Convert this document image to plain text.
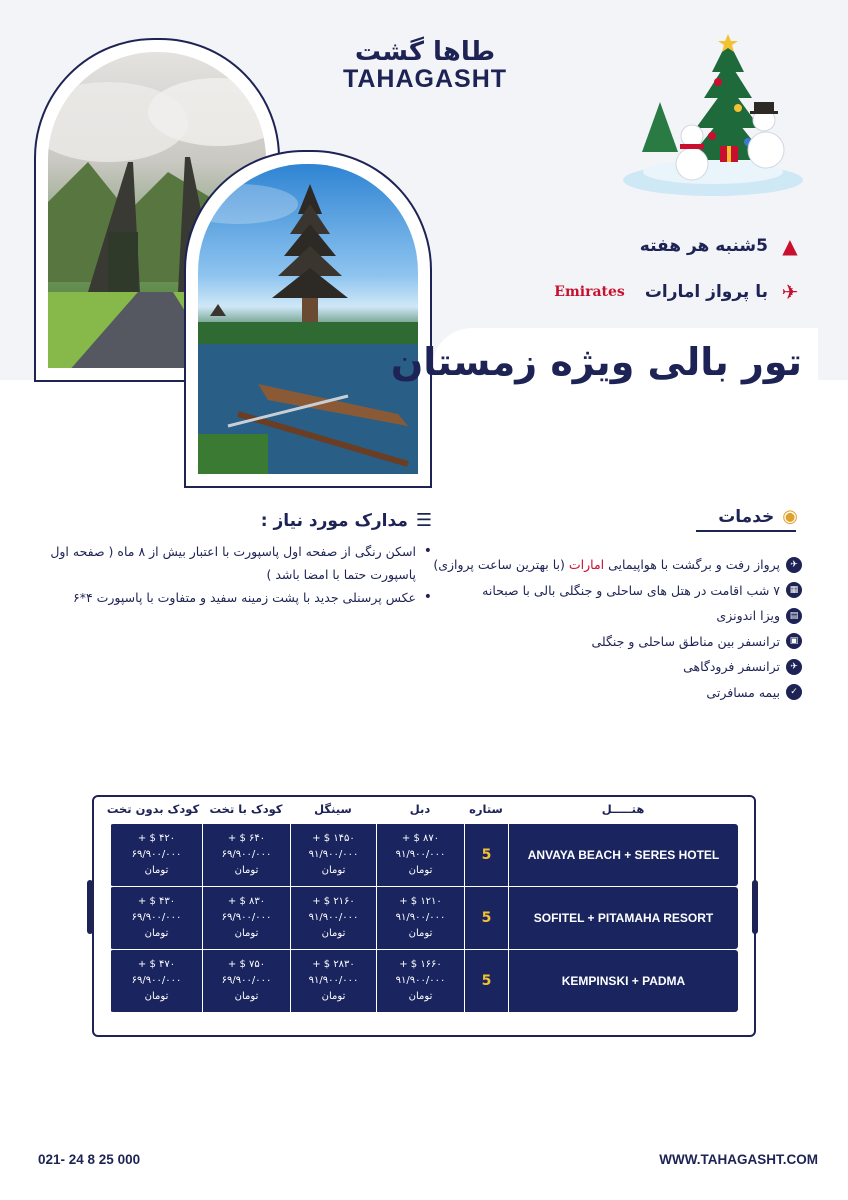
طاها گشت
TAHAGASHT
▲
5شنبه هر هفته
✈
با پرواز امارات
Emirates
تور بالی ویژه زمستان
◉
خدمات
✈
پرواز رفت و برگشت با هواپیمایی امارات (با بهترین ساعت پروازی)
▦
۷ شب اقامت در هتل های ساحلی و جنگلی بالی با صبحانه
▤
ویزا اندونزی
▣
ترانسفر بین مناطق ساحلی و جنگلی
✈
ترانسفر فرودگاهی
✓
بیمه مسافرتی
☰
مدارک مورد نیاز :
• اسکن رنگی از صفحه اول پاسپورت با اعتبار بیش از ۸ ماه ( صفحه اول پاسپورت حتما با امضا باشد )
• عکس پرسنلی جدید با پشت زمینه سفید و متفاوت با پاسپورت ۴*۶
هتـــــل
ستاره
دبل
سینگل
کودک با تخت
کودک بدون تخت
ANVAYA BEACH + SERES HOTEL
5
۸۷۰ $ +
۹۱/۹۰۰/۰۰۰
تومان
۱۴۵۰ $ +
۹۱/۹۰۰/۰۰۰
تومان
۶۴۰ $ +
۶۹/۹۰۰/۰۰۰
تومان
۴۲۰ $ +
۶۹/۹۰۰/۰۰۰
تومان
SOFITEL + PITAMAHA RESORT
5
۱۲۱۰ $ +
۹۱/۹۰۰/۰۰۰
تومان
۲۱۶۰ $ +
۹۱/۹۰۰/۰۰۰
تومان
۸۳۰ $ +
۶۹/۹۰۰/۰۰۰
تومان
۴۳۰ $ +
۶۹/۹۰۰/۰۰۰
تومان
KEMPINSKI + PADMA
5
۱۶۶۰ $ +
۹۱/۹۰۰/۰۰۰
تومان
۲۸۳۰ $ +
۹۱/۹۰۰/۰۰۰
تومان
۷۵۰ $ +
۶۹/۹۰۰/۰۰۰
تومان
۴۷۰ $ +
۶۹/۹۰۰/۰۰۰
تومان
021- 24 8 25 000	WWW.TAHAGASHT.COM
